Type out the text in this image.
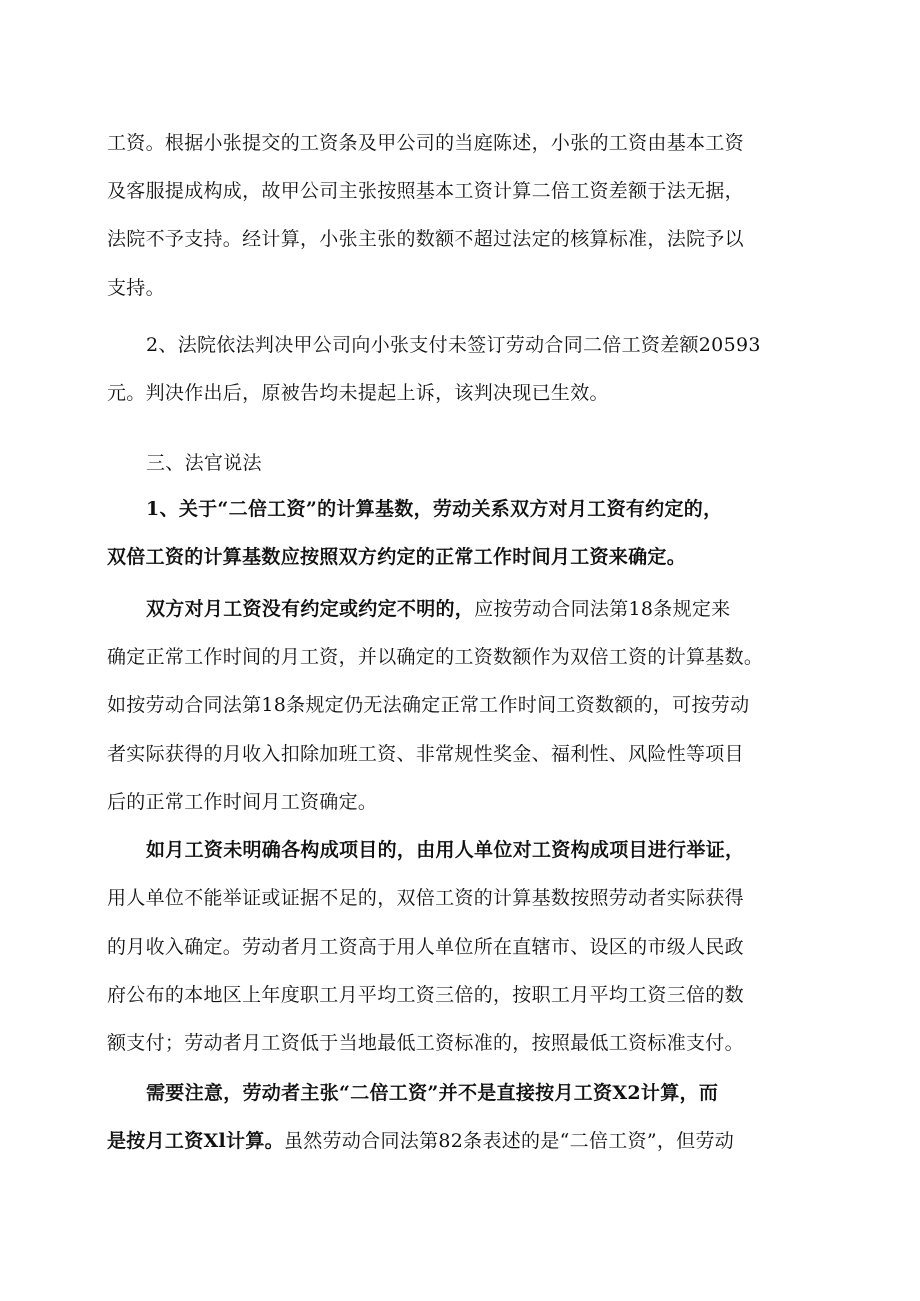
工资。根据小张提交的工资条及甲公司的当庭陈述，小张的工资由基本工资
及客服提成构成，故甲公司主张按照基本工资计算二倍工资差额于法无据，
法院不予支持。经计算，小张主张的数额不超过法定的核算标准，法院予以
支持。
2、法院依法判决甲公司向小张支付未签订劳动合同二倍工资差额20593
元。判决作出后，原被告均未提起上诉，该判决现已生效。
三、法官说法
1、关于“二倍工资”的计算基数，劳动关系双方对月工资有约定的，
双倍工资的计算基数应按照双方约定的正常工作时间月工资来确定。
双方对月工资没有约定或约定不明的，应按劳动合同法第18条规定来
确定正常工作时间的月工资，并以确定的工资数额作为双倍工资的计算基数。
如按劳动合同法第18条规定仍无法确定正常工作时间工资数额的，可按劳动
者实际获得的月收入扣除加班工资、非常规性奖金、福利性、风险性等项目
后的正常工作时间月工资确定。
如月工资未明确各构成项目的，由用人单位对工资构成项目进行举证，
用人单位不能举证或证据不足的，双倍工资的计算基数按照劳动者实际获得
的月收入确定。劳动者月工资高于用人单位所在直辖市、设区的市级人民政
府公布的本地区上年度职工月平均工资三倍的，按职工月平均工资三倍的数
额支付；劳动者月工资低于当地最低工资标准的，按照最低工资标准支付。
需要注意，劳动者主张“二倍工资”并不是直接按月工资X2计算，而
是按月工资Xl计算。虽然劳动合同法第82条表述的是“二倍工资”，但劳动
